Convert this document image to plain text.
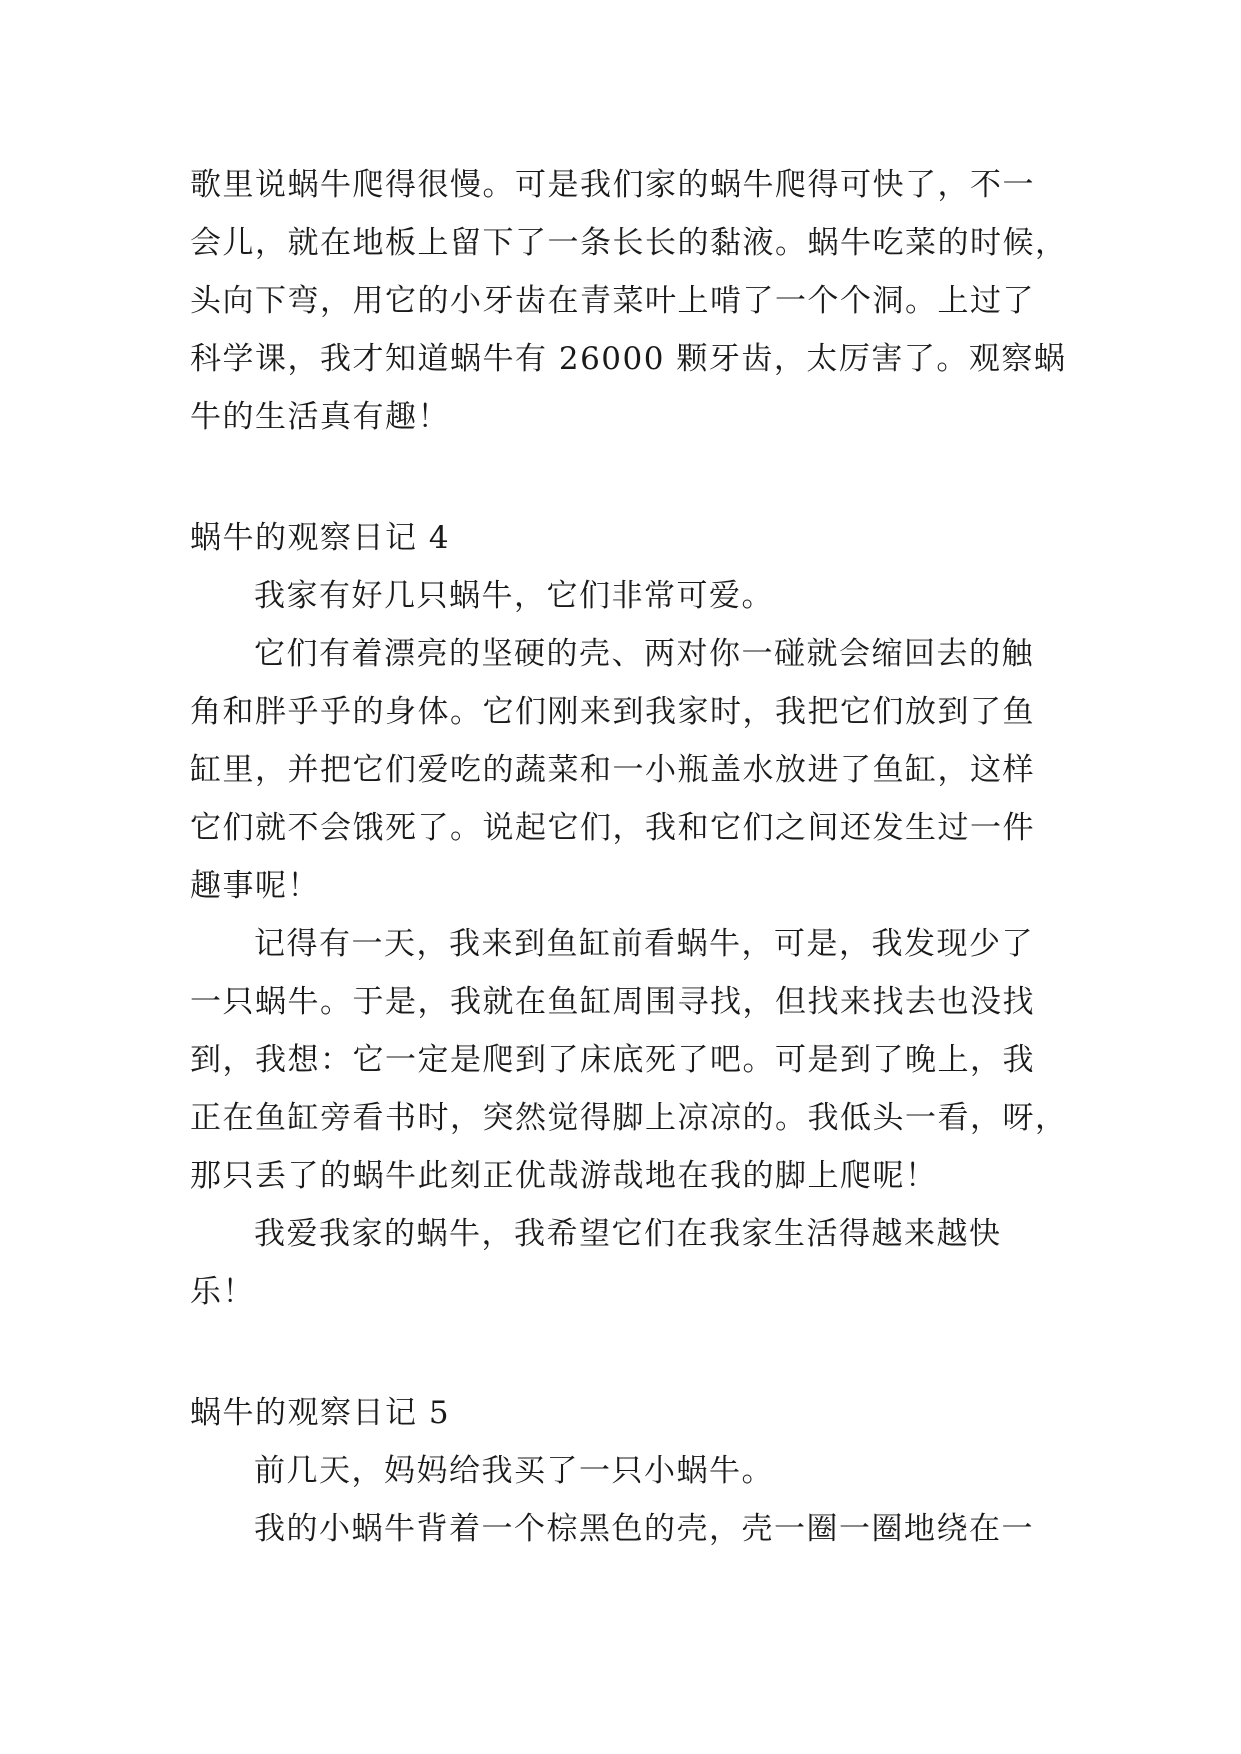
歌里说蜗牛爬得很慢。可是我们家的蜗牛爬得可快了，不一
会儿，就在地板上留下了一条长长的黏液。蜗牛吃菜的时候，
头向下弯，用它的小牙齿在青菜叶上啃了一个个洞。上过了
科学课，我才知道蜗牛有 26000 颗牙齿，太厉害了。观察蜗
牛的生活真有趣！
蜗牛的观察日记 4
我家有好几只蜗牛，它们非常可爱。
它们有着漂亮的坚硬的壳、两对你一碰就会缩回去的触
角和胖乎乎的身体。它们刚来到我家时，我把它们放到了鱼
缸里，并把它们爱吃的蔬菜和一小瓶盖水放进了鱼缸，这样
它们就不会饿死了。说起它们，我和它们之间还发生过一件
趣事呢！
记得有一天，我来到鱼缸前看蜗牛，可是，我发现少了
一只蜗牛。于是，我就在鱼缸周围寻找，但找来找去也没找
到，我想：它一定是爬到了床底死了吧。可是到了晚上，我
正在鱼缸旁看书时，突然觉得脚上凉凉的。我低头一看，呀，
那只丢了的蜗牛此刻正优哉游哉地在我的脚上爬呢！
我爱我家的蜗牛，我希望它们在我家生活得越来越快
乐！
蜗牛的观察日记 5
前几天，妈妈给我买了一只小蜗牛。
我的小蜗牛背着一个棕黑色的壳，壳一圈一圈地绕在一
